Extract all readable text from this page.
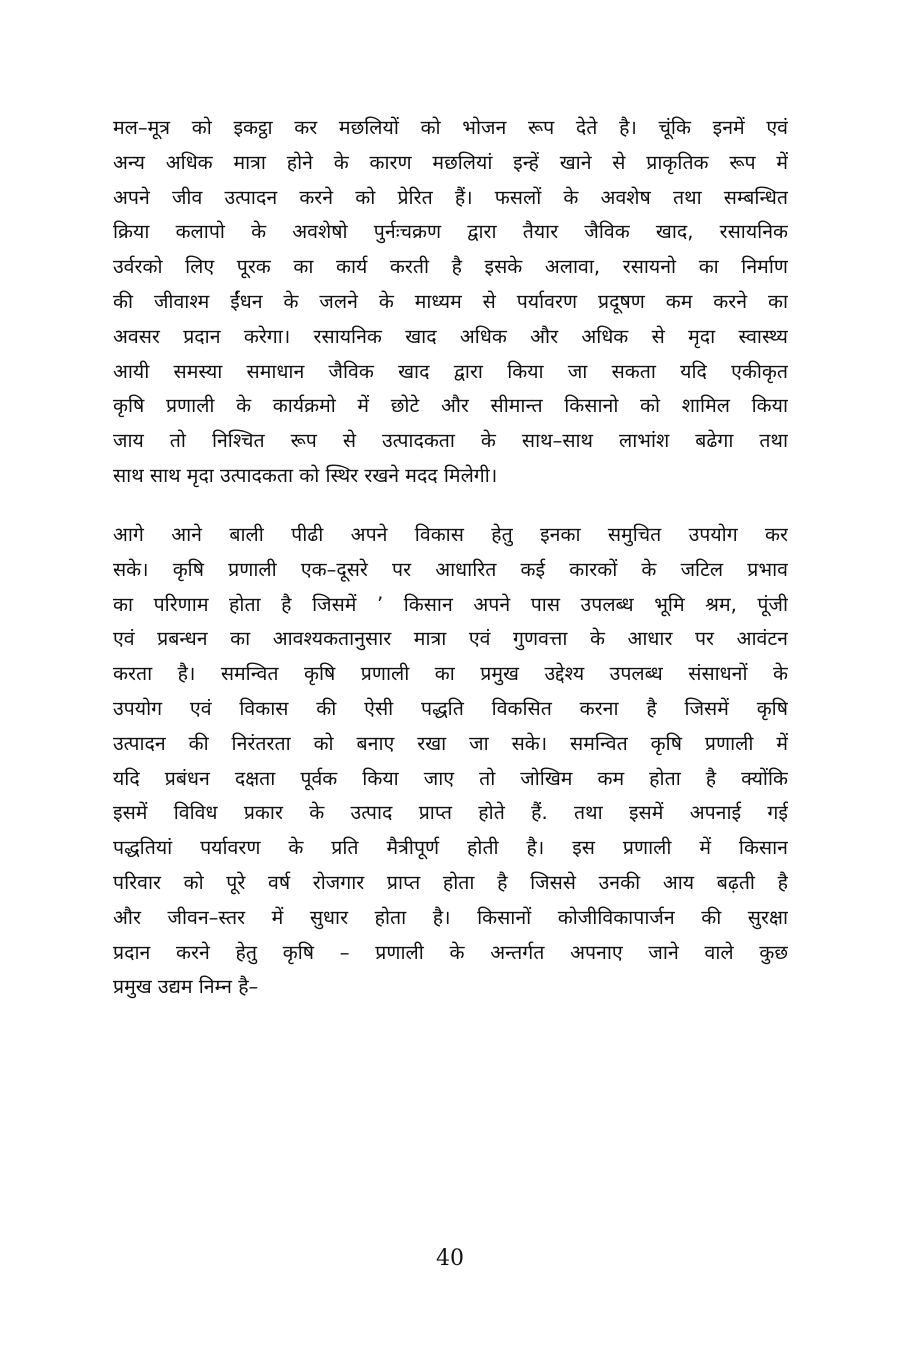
मल–मूत्र को इकट्ठा कर मछलियों को भोजन रूप देते है। चूंकि इनमें एवं
अन्य अधिक मात्रा होने के कारण मछलियां इन्हें खाने से प्राकृतिक रूप में
अपने जीव उत्पादन करने को प्रेरित हैं। फसलों के अवशेष तथा सम्बन्धित
क्रिया कलापो के अवशेषो पुर्नःचक्रण द्वारा तैयार जैविक खाद, रसायनिक
उर्वरको लिए पूरक का कार्य करती है इसके अलावा, रसायनो का निर्माण
की जीवाश्म ईंधन के जलने के माध्यम से पर्यावरण प्रदूषण कम करने का
अवसर प्रदान करेगा। रसायनिक खाद अधिक और अधिक से मृदा स्वास्थ्य
आयी समस्या समाधान जैविक खाद द्वारा किया जा सकता यदि एकीकृत
कृषि प्रणाली के कार्यक्रमो में छोटे और सीमान्त किसानो को शामिल किया
जाय तो निश्चित रूप से उत्पादकता के साथ–साथ लाभांश बढेगा तथा
साथ साथ मृदा उत्पादकता को स्थिर रखने मदद मिलेगी।
आगे आने बाली पीढी अपने विकास हेतु इनका समुचित उपयोग कर
सके। कृषि प्रणाली एक–दूसरे पर आधारित कई कारकों के जटिल प्रभाव
का परिणाम होता है जिसमें ’ किसान अपने पास उपलब्ध भूमि श्रम, पूंजी
एवं प्रबन्धन का आवश्यकतानुसार मात्रा एवं गुणवत्ता के आधार पर आवंटन
करता है। समन्वित कृषि प्रणाली का प्रमुख उद्देश्य उपलब्ध संसाधनों के
उपयोग एवं विकास की ऐसी पद्धति विकसित करना है जिसमें कृषि
उत्पादन की निरंतरता को बनाए रखा जा सके। समन्वित कृषि प्रणाली में
यदि प्रबंधन दक्षता पूर्वक किया जाए तो जोखिम कम होता है क्योंकि
इसमें विविध प्रकार के उत्पाद प्राप्त होते हैं. तथा इसमें अपनाई गई
पद्धतियां पर्यावरण के प्रति मैत्रीपूर्ण होती है। इस प्रणाली में किसान
परिवार को पूरे वर्ष रोजगार प्राप्त होता है जिससे उनकी आय बढ़ती है
और जीवन–स्तर में सुधार होता है। किसानों कोजीविकापार्जन की सुरक्षा
प्रदान करने हेतु कृषि – प्रणाली के अन्तर्गत अपनाए जाने वाले कुछ
प्रमुख उद्यम निम्न है–
40
